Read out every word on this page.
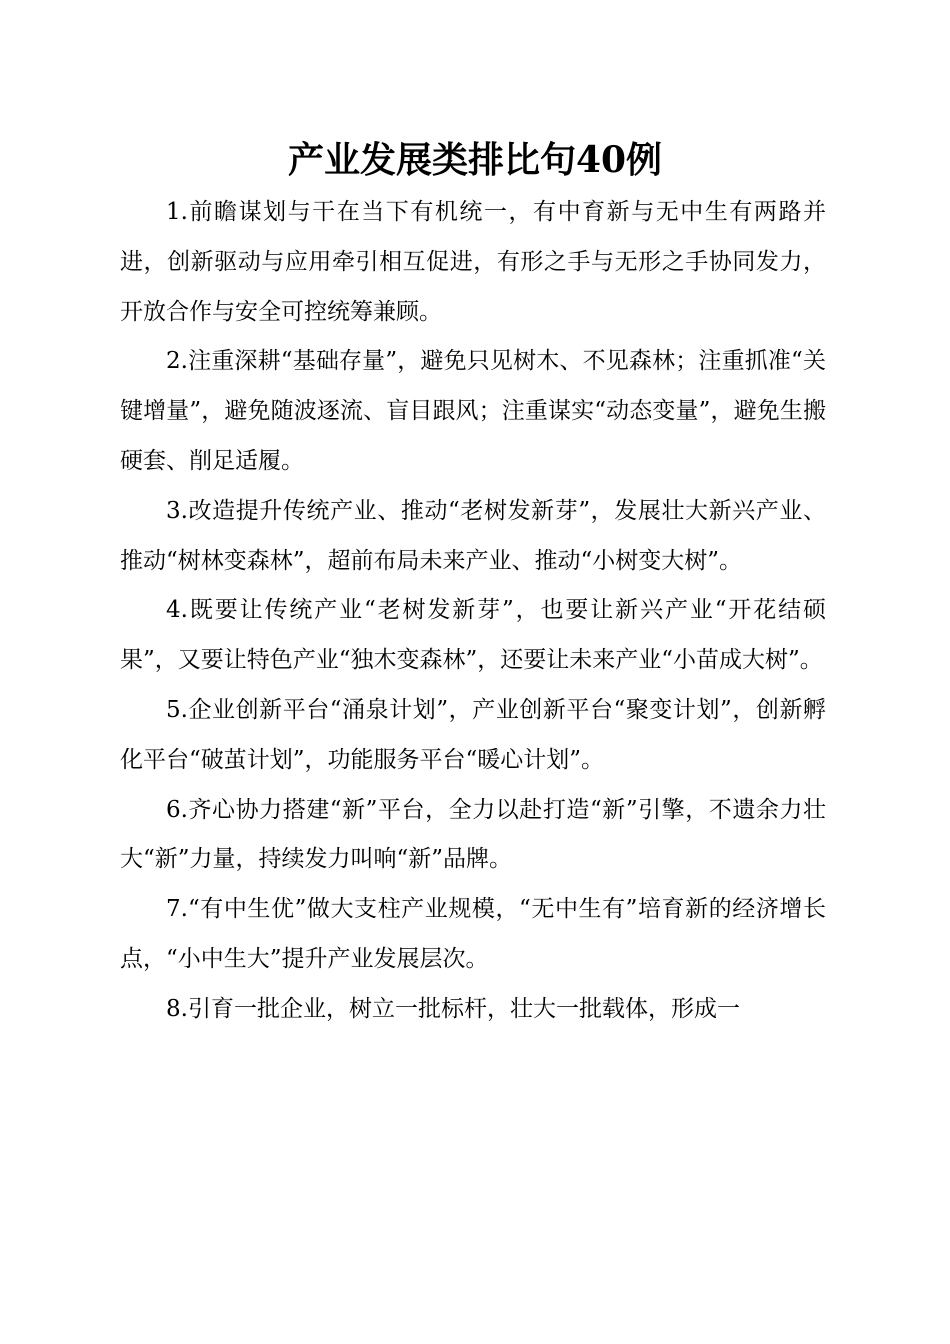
产业发展类排比句40例

1.前瞻谋划与干在当下有机统一，有中育新与无中生有两路并进，创新驱动与应用牵引相互促进，有形之手与无形之手协同发力，开放合作与安全可控统筹兼顾。

2.注重深耕“基础存量”，避免只见树木、不见森林；注重抓准“关键增量”，避免随波逐流、盲目跟风；注重谋实“动态变量”，避免生搬硬套、削足适履。

3.改造提升传统产业、推动“老树发新芽”，发展壮大新兴产业、推动“树林变森林”，超前布局未来产业、推动“小树变大树”。

4.既要让传统产业“老树发新芽”，也要让新兴产业“开花结硕果”，又要让特色产业“独木变森林”，还要让未来产业“小苗成大树”。

5.企业创新平台“涌泉计划”，产业创新平台“聚变计划”，创新孵化平台“破茧计划”，功能服务平台“暖心计划”。

6.齐心协力搭建“新”平台，全力以赴打造“新”引擎，不遗余力壮大“新”力量，持续发力叫响“新”品牌。

7.“有中生优”做大支柱产业规模，“无中生有”培育新的经济增长点，“小中生大”提升产业发展层次。

8.引育一批企业，树立一批标杆，壮大一批载体，形成一
